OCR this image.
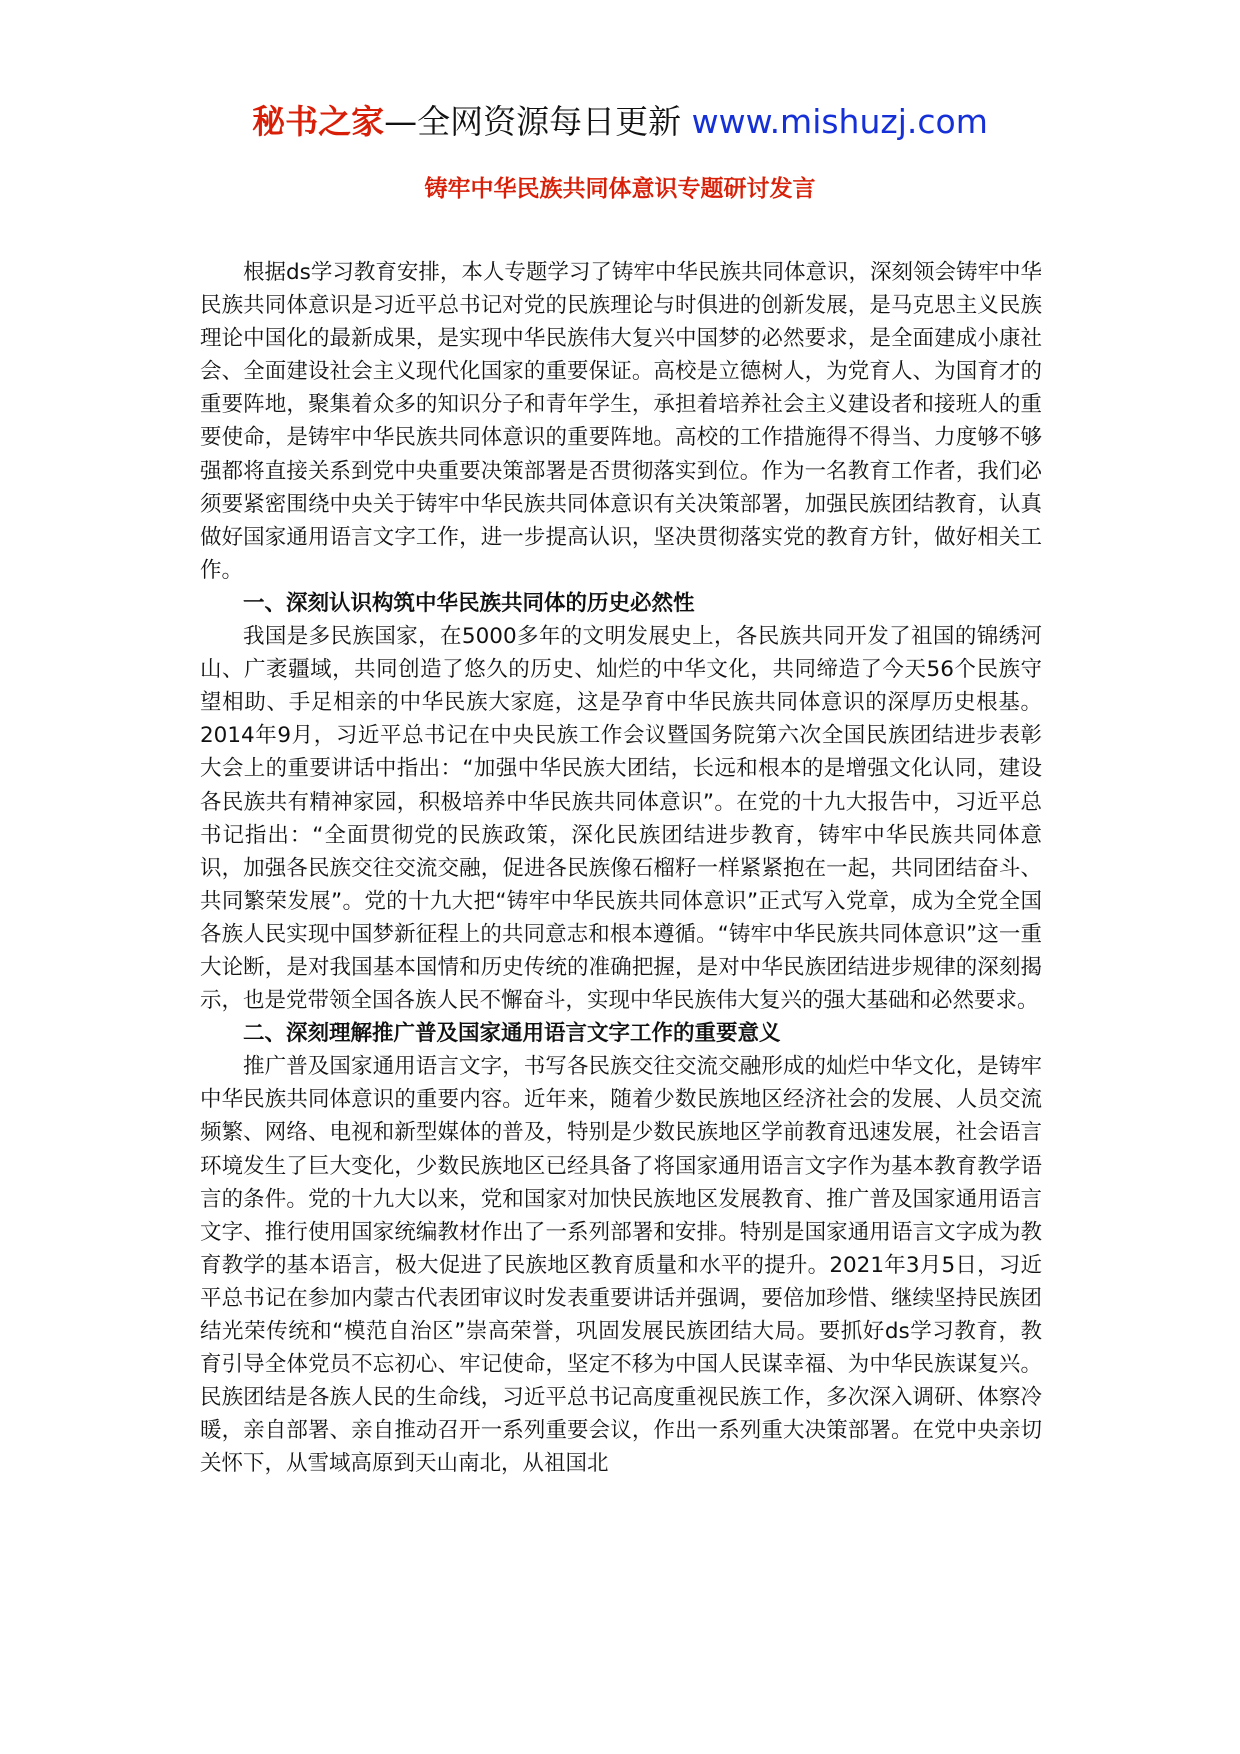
秘书之家—全网资源每日更新 www.mishuzj.com
铸牢中华民族共同体意识专题研讨发言

根据ds学习教育安排，本人专题学习了铸牢中华民族共同体意识，深刻领会铸牢中华民族共同体意识是习近平总书记对党的民族理论与时俱进的创新发展，是马克思主义民族理论中国化的最新成果，是实现中华民族伟大复兴中国梦的必然要求，是全面建成小康社会、全面建设社会主义现代化国家的重要保证。高校是立德树人，为党育人、为国育才的重要阵地，聚集着众多的知识分子和青年学生，承担着培养社会主义建设者和接班人的重要使命，是铸牢中华民族共同体意识的重要阵地。高校的工作措施得不得当、力度够不够强都将直接关系到党中央重要决策部署是否贯彻落实到位。作为一名教育工作者，我们必须要紧密围绕中央关于铸牢中华民族共同体意识有关决策部署，加强民族团结教育，认真做好国家通用语言文字工作，进一步提高认识，坚决贯彻落实党的教育方针，做好相关工作。

一、深刻认识构筑中华民族共同体的历史必然性

我国是多民族国家，在5000多年的文明发展史上，各民族共同开发了祖国的锦绣河山、广袤疆域，共同创造了悠久的历史、灿烂的中华文化，共同缔造了今天56个民族守望相助、手足相亲的中华民族大家庭，这是孕育中华民族共同体意识的深厚历史根基。2014年9月，习近平总书记在中央民族工作会议暨国务院第六次全国民族团结进步表彰大会上的重要讲话中指出：“加强中华民族大团结，长远和根本的是增强文化认同，建设各民族共有精神家园，积极培养中华民族共同体意识”。在党的十九大报告中，习近平总书记指出：“全面贯彻党的民族政策，深化民族团结进步教育，铸牢中华民族共同体意识，加强各民族交往交流交融，促进各民族像石榴籽一样紧紧抱在一起，共同团结奋斗、共同繁荣发展”。党的十九大把“铸牢中华民族共同体意识”正式写入党章，成为全党全国各族人民实现中国梦新征程上的共同意志和根本遵循。“铸牢中华民族共同体意识”这一重大论断，是对我国基本国情和历史传统的准确把握，是对中华民族团结进步规律的深刻揭示，也是党带领全国各族人民不懈奋斗，实现中华民族伟大复兴的强大基础和必然要求。

二、深刻理解推广普及国家通用语言文字工作的重要意义

推广普及国家通用语言文字，书写各民族交往交流交融形成的灿烂中华文化，是铸牢中华民族共同体意识的重要内容。近年来，随着少数民族地区经济社会的发展、人员交流频繁、网络、电视和新型媒体的普及，特别是少数民族地区学前教育迅速发展，社会语言环境发生了巨大变化，少数民族地区已经具备了将国家通用语言文字作为基本教育教学语言的条件。党的十九大以来，党和国家对加快民族地区发展教育、推广普及国家通用语言文字、推行使用国家统编教材作出了一系列部署和安排。特别是国家通用语言文字成为教育教学的基本语言，极大促进了民族地区教育质量和水平的提升。2021年3月5日，习近平总书记在参加内蒙古代表团审议时发表重要讲话并强调，要倍加珍惜、继续坚持民族团结光荣传统和“模范自治区”崇高荣誉，巩固发展民族团结大局。要抓好ds学习教育，教育引导全体党员不忘初心、牢记使命，坚定不移为中国人民谋幸福、为中华民族谋复兴。民族团结是各族人民的生命线，习近平总书记高度重视民族工作，多次深入调研、体察冷暖，亲自部署、亲自推动召开一系列重要会议，作出一系列重大决策部署。在党中央亲切关怀下，从雪域高原到天山南北，从祖国北
